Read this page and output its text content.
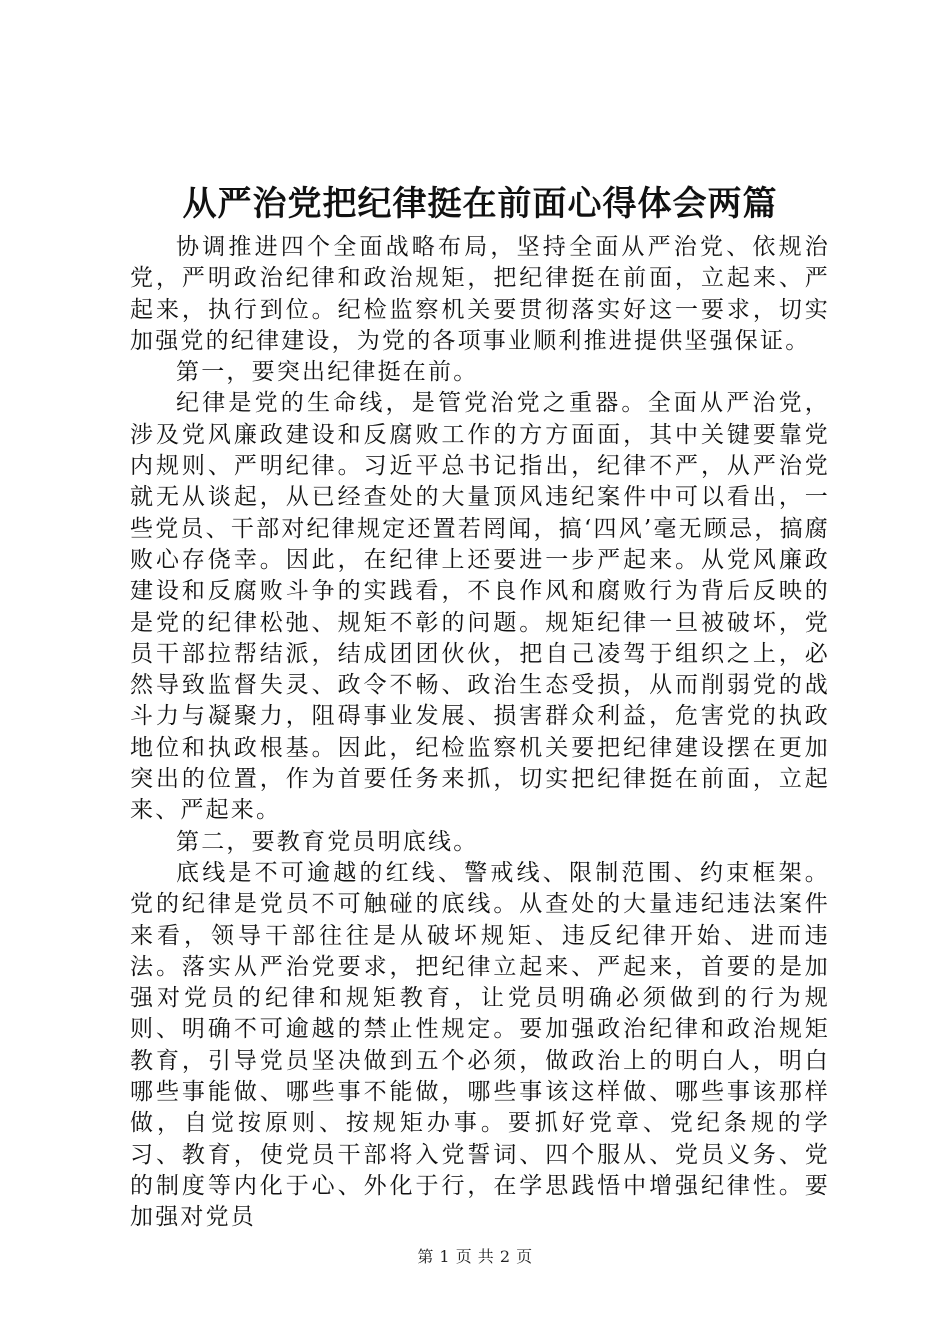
从严治党把纪律挺在前面心得体会两篇

协调推进四个全面战略布局，坚持全面从严治党、依规治党，严明政治纪律和政治规矩，把纪律挺在前面，立起来、严起来，执行到位。纪检监察机关要贯彻落实好这一要求，切实加强党的纪律建设，为党的各项事业顺利推进提供坚强保证。

第一，要突出纪律挺在前。

纪律是党的生命线，是管党治党之重器。全面从严治党，涉及党风廉政建设和反腐败工作的方方面面，其中关键要靠党内规则、严明纪律。习近平总书记指出，纪律不严，从严治党就无从谈起，从已经查处的大量顶风违纪案件中可以看出，一些党员、干部对纪律规定还置若罔闻，搞‘四风’毫无顾忌，搞腐败心存侥幸。因此，在纪律上还要进一步严起来。从党风廉政建设和反腐败斗争的实践看，不良作风和腐败行为背后反映的是党的纪律松弛、规矩不彰的问题。规矩纪律一旦被破坏，党员干部拉帮结派，结成团团伙伙，把自己凌驾于组织之上，必然导致监督失灵、政令不畅、政治生态受损，从而削弱党的战斗力与凝聚力，阻碍事业发展、损害群众利益，危害党的执政地位和执政根基。因此，纪检监察机关要把纪律建设摆在更加突出的位置，作为首要任务来抓，切实把纪律挺在前面，立起来、严起来。

第二，要教育党员明底线。

底线是不可逾越的红线、警戒线、限制范围、约束框架。党的纪律是党员不可触碰的底线。从查处的大量违纪违法案件来看，领导干部往往是从破坏规矩、违反纪律开始、进而违法。落实从严治党要求，把纪律立起来、严起来，首要的是加强对党员的纪律和规矩教育，让党员明确必须做到的行为规则、明确不可逾越的禁止性规定。要加强政治纪律和政治规矩教育，引导党员坚决做到五个必须，做政治上的明白人，明白哪些事能做、哪些事不能做，哪些事该这样做、哪些事该那样做，自觉按原则、按规矩办事。要抓好党章、党纪条规的学习、教育，使党员干部将入党誓词、四个服从、党员义务、党的制度等内化于心、外化于行，在学思践悟中增强纪律性。要加强对党员

第 1 页 共 2 页
